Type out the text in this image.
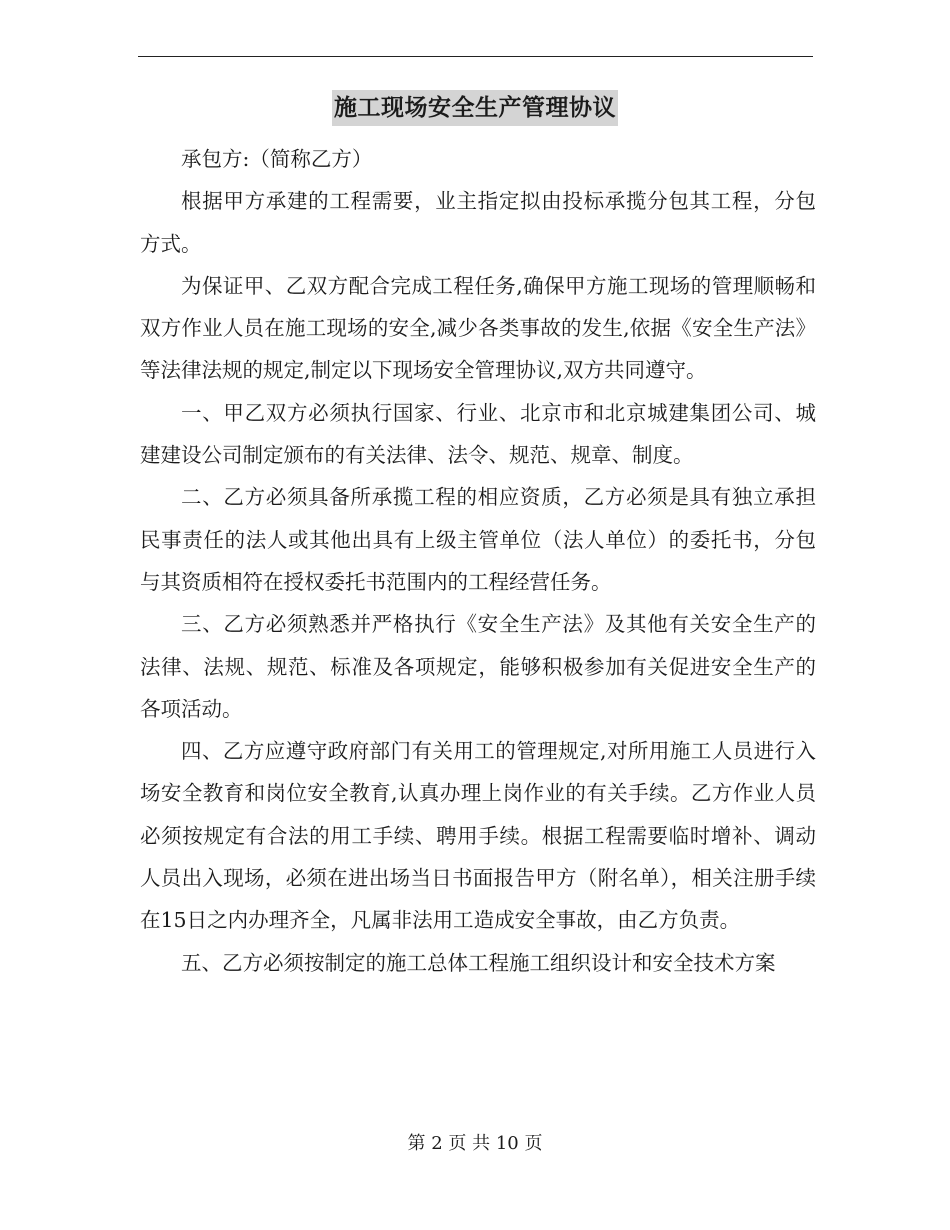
施工现场安全生产管理协议

承包方:（简称乙方）

根据甲方承建的工程需要，业主指定拟由投标承揽分包其工程，分包方式。

为保证甲、乙双方配合完成工程任务,确保甲方施工现场的管理顺畅和双方作业人员在施工现场的安全,减少各类事故的发生,依据《安全生产法》等法律法规的规定,制定以下现场安全管理协议,双方共同遵守。

一、甲乙双方必须执行国家、行业、北京市和北京城建集团公司、城建建设公司制定颁布的有关法律、法令、规范、规章、制度。

二、乙方必须具备所承揽工程的相应资质，乙方必须是具有独立承担民事责任的法人或其他出具有上级主管单位（法人单位）的委托书，分包与其资质相符在授权委托书范围内的工程经营任务。

三、乙方必须熟悉并严格执行《安全生产法》及其他有关安全生产的法律、法规、规范、标准及各项规定，能够积极参加有关促进安全生产的各项活动。

四、乙方应遵守政府部门有关用工的管理规定,对所用施工人员进行入场安全教育和岗位安全教育,认真办理上岗作业的有关手续。乙方作业人员必须按规定有合法的用工手续、聘用手续。根据工程需要临时增补、调动人员出入现场，必须在进出场当日书面报告甲方（附名单），相关注册手续在15日之内办理齐全，凡属非法用工造成安全事故，由乙方负责。

五、乙方必须按制定的施工总体工程施工组织设计和安全技术方案

第 2 页 共 10 页
